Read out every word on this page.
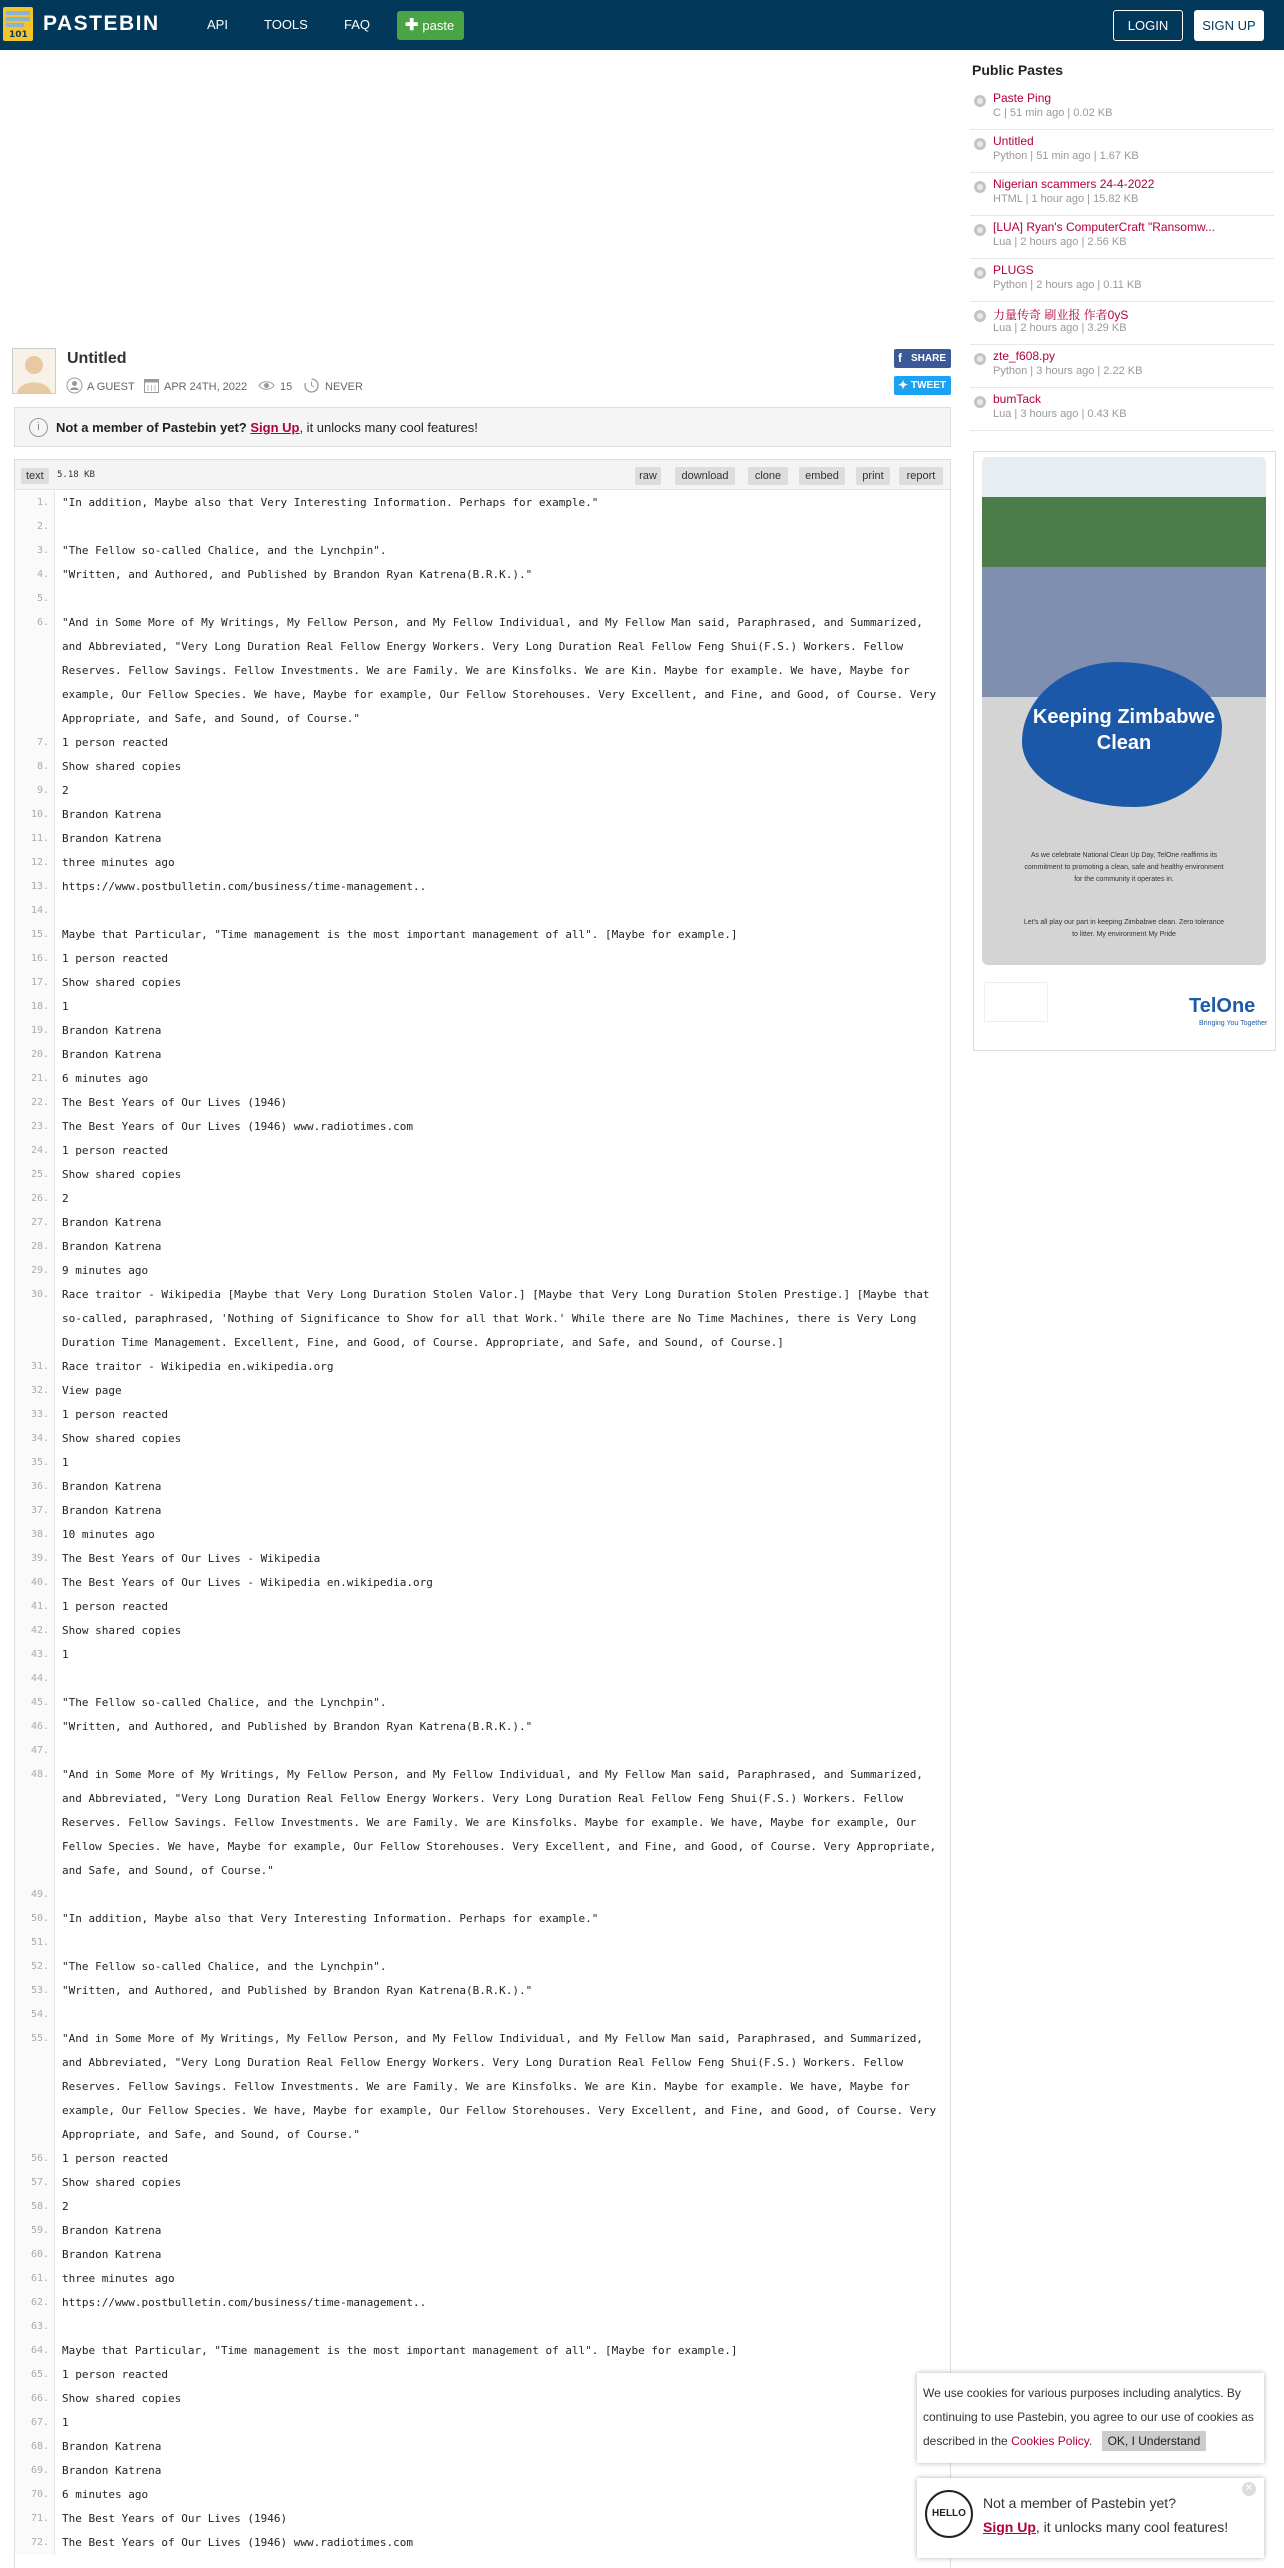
101 PASTEBIN	API	TOOLS	FAQ	✚ paste	LOGIN	SIGN UP
Untitled
A GUEST	APR 24TH, 2022	15	NEVER
f SHARE
✦ TWEET
i	Not a member of Pastebin yet? Sign Up, it unlocks many cool features!
text	5.18 KB	raw	download	clone	embed	print	report
1.	"In addition, Maybe also that Very Interesting Information. Perhaps for example."
2.
3.	"The Fellow so-called Chalice, and the Lynchpin".
4.	"Written, and Authored, and Published by Brandon Ryan Katrena(B.R.K.)."
5.
6.	"And in Some More of My Writings, My Fellow Person, and My Fellow Individual, and My Fellow Man said, Paraphrased, and Summarized, and Abbreviated, "Very Long Duration Real Fellow Energy Workers. Very Long Duration Real Fellow Feng Shui(F.S.) Workers. Fellow Reserves. Fellow Savings. Fellow Investments. We are Family. We are Kinsfolks. We are Kin. Maybe for example. We have, Maybe for example, Our Fellow Species. We have, Maybe for example, Our Fellow Storehouses. Very Excellent, and Fine, and Good, of Course. Very Appropriate, and Safe, and Sound, of Course."
7.	1 person reacted
8.	Show shared copies
9.	2
10.	Brandon Katrena
11.	Brandon Katrena
12.	three minutes ago
13.	https://www.postbulletin.com/business/time-management..
14.
15.	Maybe that Particular, "Time management is the most important management of all". [Maybe for example.]
16.	1 person reacted
17.	Show shared copies
18.	1
19.	Brandon Katrena
20.	Brandon Katrena
21.	6 minutes ago
22.	The Best Years of Our Lives (1946)
23.	The Best Years of Our Lives (1946) www.radiotimes.com
24.	1 person reacted
25.	Show shared copies
26.	2
27.	Brandon Katrena
28.	Brandon Katrena
29.	9 minutes ago
30.	Race traitor - Wikipedia [Maybe that Very Long Duration Stolen Valor.] [Maybe that Very Long Duration Stolen Prestige.] [Maybe that so-called, paraphrased, 'Nothing of Significance to Show for all that Work.' While there are No Time Machines, there is Very Long Duration Time Management. Excellent, Fine, and Good, of Course. Appropriate, and Safe, and Sound, of Course.]
31.	Race traitor - Wikipedia en.wikipedia.org
32.	View page
33.	1 person reacted
34.	Show shared copies
35.	1
36.	Brandon Katrena
37.	Brandon Katrena
38.	10 minutes ago
39.	The Best Years of Our Lives - Wikipedia
40.	The Best Years of Our Lives - Wikipedia en.wikipedia.org
41.	1 person reacted
42.	Show shared copies
43.	1
44.
45.	"The Fellow so-called Chalice, and the Lynchpin".
46.	"Written, and Authored, and Published by Brandon Ryan Katrena(B.R.K.)."
47.
48.	"And in Some More of My Writings, My Fellow Person, and My Fellow Individual, and My Fellow Man said, Paraphrased, and Summarized, and Abbreviated, "Very Long Duration Real Fellow Energy Workers. Very Long Duration Real Fellow Feng Shui(F.S.) Workers. Fellow Reserves. Fellow Savings. Fellow Investments. We are Family. We are Kinsfolks. Maybe for example. We have, Maybe for example, Our Fellow Species. We have, Maybe for example, Our Fellow Storehouses. Very Excellent, and Fine, and Good, of Course. Very Appropriate, and Safe, and Sound, of Course."
49.
50.	"In addition, Maybe also that Very Interesting Information. Perhaps for example."
51.
52.	"The Fellow so-called Chalice, and the Lynchpin".
53.	"Written, and Authored, and Published by Brandon Ryan Katrena(B.R.K.)."
54.
55.	"And in Some More of My Writings, My Fellow Person, and My Fellow Individual, and My Fellow Man said, Paraphrased, and Summarized, and Abbreviated, "Very Long Duration Real Fellow Energy Workers. Very Long Duration Real Fellow Feng Shui(F.S.) Workers. Fellow Reserves. Fellow Savings. Fellow Investments. We are Family. We are Kinsfolks. We are Kin. Maybe for example. We have, Maybe for example, Our Fellow Species. We have, Maybe for example, Our Fellow Storehouses. Very Excellent, and Fine, and Good, of Course. Very Appropriate, and Safe, and Sound, of Course."
56.	1 person reacted
57.	Show shared copies
58.	2
59.	Brandon Katrena
60.	Brandon Katrena
61.	three minutes ago
62.	https://www.postbulletin.com/business/time-management..
63.
64.	Maybe that Particular, "Time management is the most important management of all". [Maybe for example.]
65.	1 person reacted
66.	Show shared copies
67.	1
68.	Brandon Katrena
69.	Brandon Katrena
70.	6 minutes ago
71.	The Best Years of Our Lives (1946)
72.	The Best Years of Our Lives (1946) www.radiotimes.com
Public Pastes
Paste Ping
C | 51 min ago | 0.02 KB
Untitled
Python | 51 min ago | 1.67 KB
Nigerian scammers 24-4-2022
HTML | 1 hour ago | 15.82 KB
[LUA] Ryan's ComputerCraft "Ransomw...
Lua | 2 hours ago | 2.56 KB
PLUGS
Python | 2 hours ago | 0.11 KB
力量传奇 刷业报 作者0yS
Lua | 2 hours ago | 3.29 KB
zte_f608.py
Python | 3 hours ago | 2.22 KB
bumTack
Lua | 3 hours ago | 0.43 KB
Keeping Zimbabwe Clean
As we celebrate National Clean Up Day, TelOne reaffirms its commitment to promoting a clean, safe and healthy environment for the community it operates in.
Let's all play our part in keeping Zimbabwe clean. Zero tolerance to litter. My environment My Pride
TelOne
Bringing You Together
We use cookies for various purposes including analytics. By continuing to use Pastebin, you agree to our use of cookies as described in the Cookies Policy. OK, I Understand
HELLO
Not a member of Pastebin yet?
Sign Up, it unlocks many cool features!
✕
